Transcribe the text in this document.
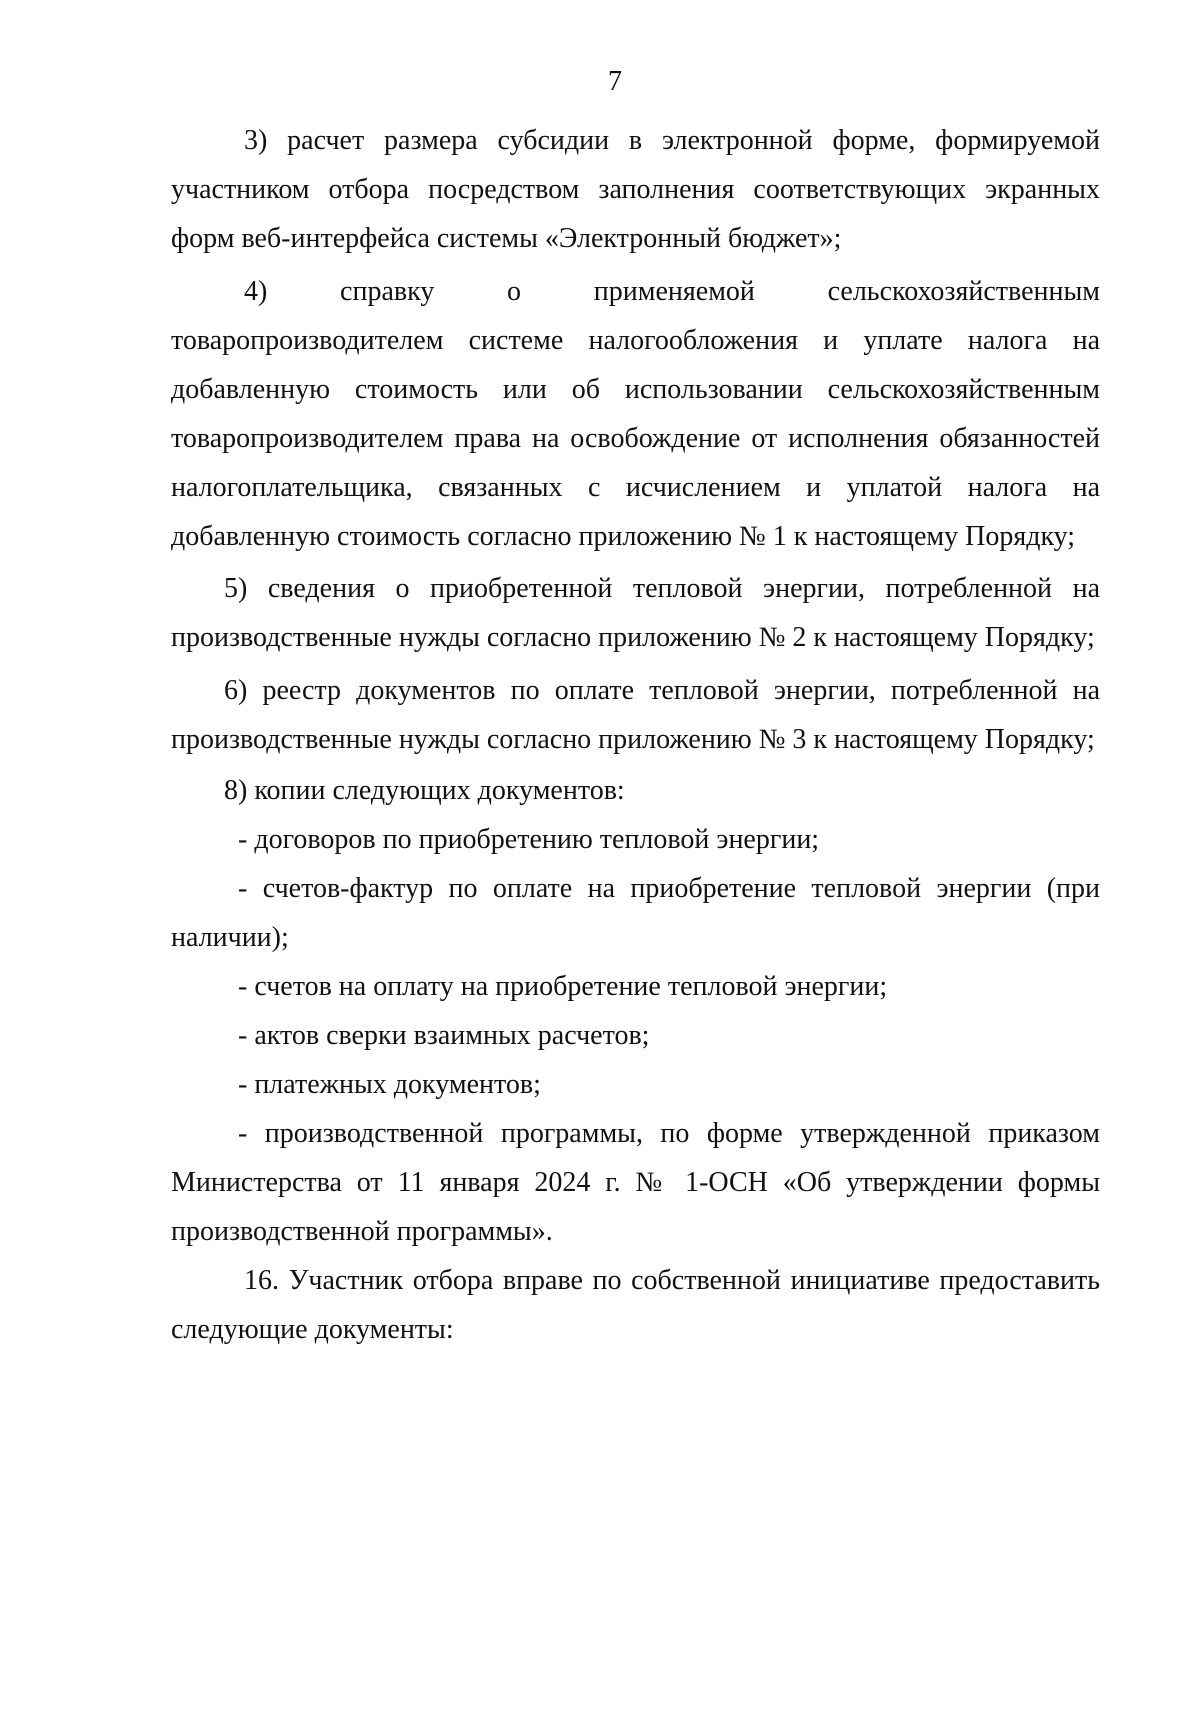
7

3) расчет размера субсидии в электронной форме, формируемой участником отбора посредством заполнения соответствующих экранных форм веб-интерфейса системы «Электронный бюджет»;

4) справку о применяемой сельскохозяйственным товаропроизводителем системе налогообложения и уплате налога на добавленную стоимость или об использовании сельскохозяйственным товаропроизводителем права на освобождение от исполнения обязанностей налогоплательщика, связанных с исчислением и уплатой налога на добавленную стоимость согласно приложению № 1 к настоящему Порядку;

5) сведения о приобретенной тепловой энергии, потребленной на производственные нужды согласно приложению № 2 к настоящему Порядку;

6) реестр документов по оплате тепловой энергии, потребленной на производственные нужды согласно приложению № 3 к настоящему Порядку;

8) копии следующих документов:

- договоров по приобретению тепловой энергии;

- счетов-фактур по оплате на приобретение тепловой энергии (при наличии);

- счетов на оплату на приобретение тепловой энергии;

- актов сверки взаимных расчетов;

- платежных документов;

- производственной программы, по форме утвержденной приказом Министерства от 11 января 2024 г. № 1-ОСН «Об утверждении формы производственной программы».

16. Участник отбора вправе по собственной инициативе предоставить следующие документы:
